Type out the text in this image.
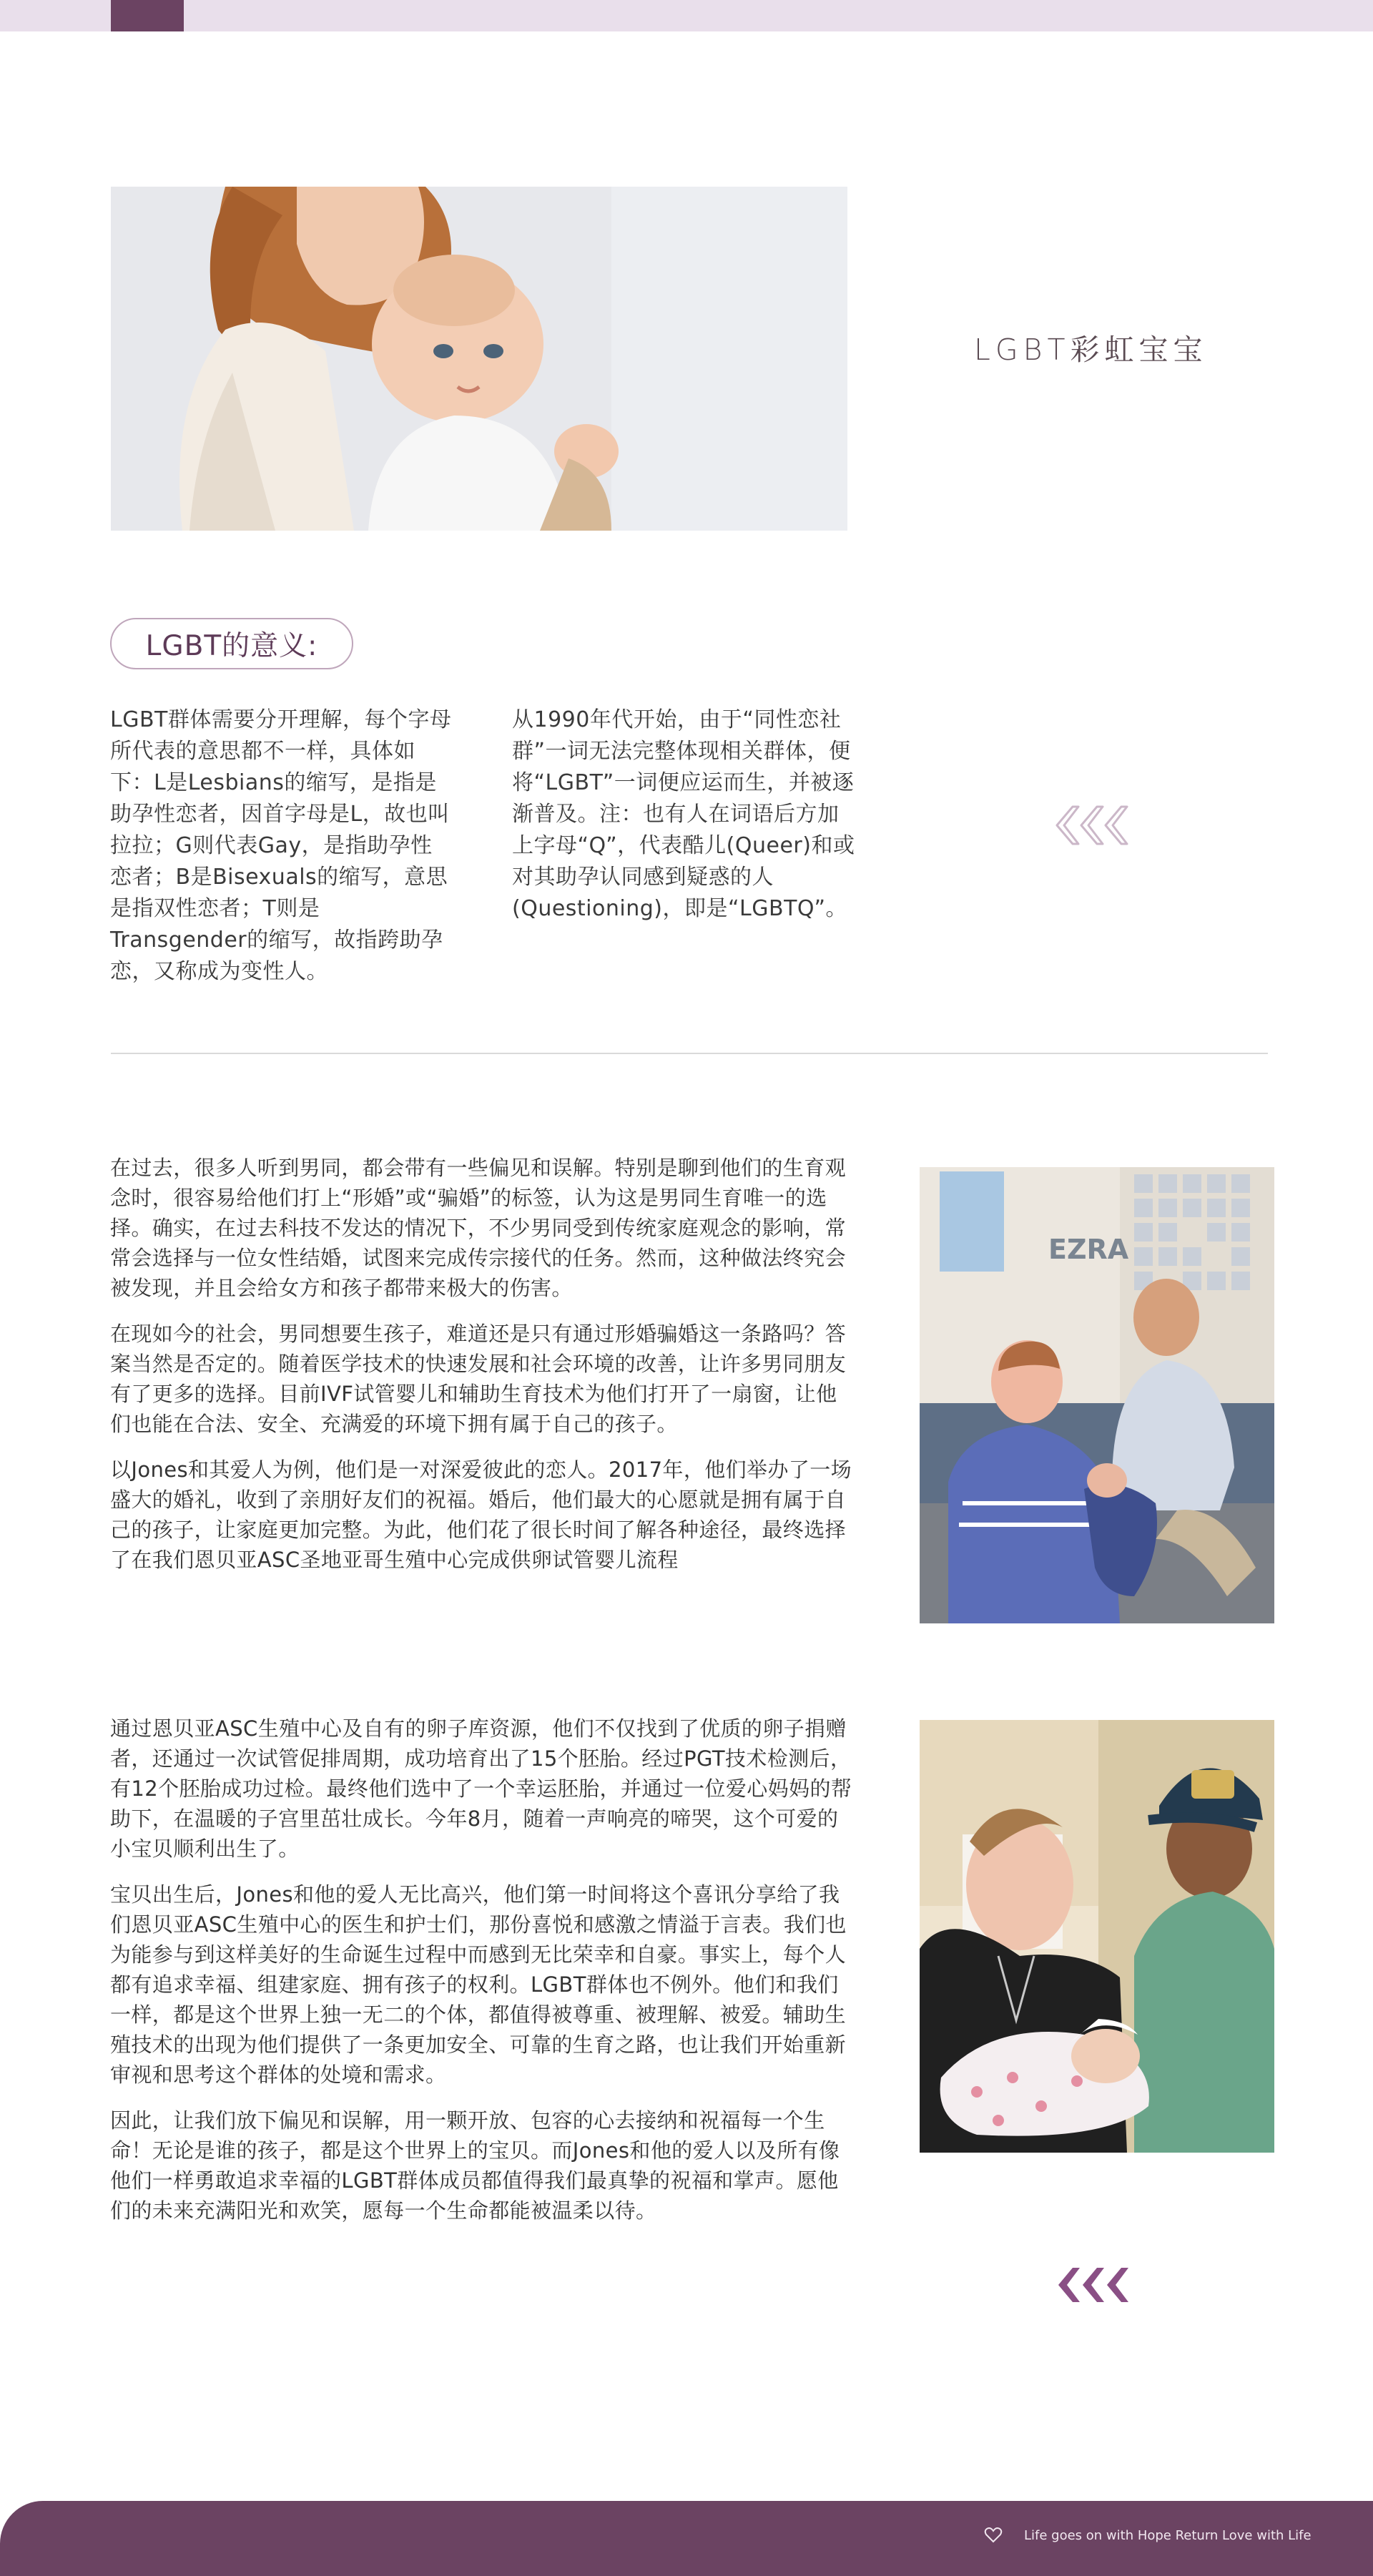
LGBT彩虹宝宝
LGBT的意义:

LGBT群体需要分开理解，每个字母所代表的意思都不一样，具体如下：L是Lesbians的缩写，是指是助孕性恋者，因首字母是L，故也叫拉拉；G则代表Gay，是指助孕性恋者；B是Bisexuals的缩写，意思是指双性恋者；T则是Transgender的缩写，故指跨助孕恋，又称成为变性人。

从1990年代开始，由于“同性恋社群”一词无法完整体现相关群体，便将“LGBT”一词便应运而生，并被逐渐普及。注：也有人在词语后方加上字母“Q”，代表酷儿(Queer)和或对其助孕认同感到疑惑的人(Questioning)，即是“LGBTQ”。

在过去，很多人听到男同，都会带有一些偏见和误解。特别是聊到他们的生育观念时，很容易给他们打上“形婚”或“骗婚”的标签，认为这是男同生育唯一的选择。确实，在过去科技不发达的情况下，不少男同受到传统家庭观念的影响，常常会选择与一位女性结婚，试图来完成传宗接代的任务。然而，这种做法终究会被发现，并且会给女方和孩子都带来极大的伤害。

在现如今的社会，男同想要生孩子，难道还是只有通过形婚骗婚这一条路吗？答案当然是否定的。随着医学技术的快速发展和社会环境的改善，让许多男同朋友有了更多的选择。目前IVF试管婴儿和辅助生育技术为他们打开了一扇窗，让他们也能在合法、安全、充满爱的环境下拥有属于自己的孩子。

以Jones和其爱人为例，他们是一对深爱彼此的恋人。2017年，他们举办了一场盛大的婚礼，收到了亲朋好友们的祝福。婚后，他们最大的心愿就是拥有属于自己的孩子，让家庭更加完整。为此，他们花了很长时间了解各种途径，最终选择了在我们恩贝亚ASC圣地亚哥生殖中心完成供卵试管婴儿流程

EZRA

通过恩贝亚ASC生殖中心及自有的卵子库资源，他们不仅找到了优质的卵子捐赠者，还通过一次试管促排周期，成功培育出了15个胚胎。经过PGT技术检测后，有12个胚胎成功过检。最终他们选中了一个幸运胚胎，并通过一位爱心妈妈的帮助下，在温暖的子宫里茁壮成长。今年8月，随着一声响亮的啼哭，这个可爱的小宝贝顺利出生了。

宝贝出生后，Jones和他的爱人无比高兴，他们第一时间将这个喜讯分享给了我们恩贝亚ASC生殖中心的医生和护士们，那份喜悦和感激之情溢于言表。我们也为能参与到这样美好的生命诞生过程中而感到无比荣幸和自豪。事实上，每个人都有追求幸福、组建家庭、拥有孩子的权利。LGBT群体也不例外。他们和我们一样，都是这个世界上独一无二的个体，都值得被尊重、被理解、被爱。辅助生殖技术的出现为他们提供了一条更加安全、可靠的生育之路，也让我们开始重新审视和思考这个群体的处境和需求。

因此，让我们放下偏见和误解，用一颗开放、包容的心去接纳和祝福每一个生命！无论是谁的孩子，都是这个世界上的宝贝。而Jones和他的爱人以及所有像他们一样勇敢追求幸福的LGBT群体成员都值得我们最真挚的祝福和掌声。愿他们的未来充满阳光和欢笑，愿每一个生命都能被温柔以待。

Life goes on with Hope Return Love with Life
